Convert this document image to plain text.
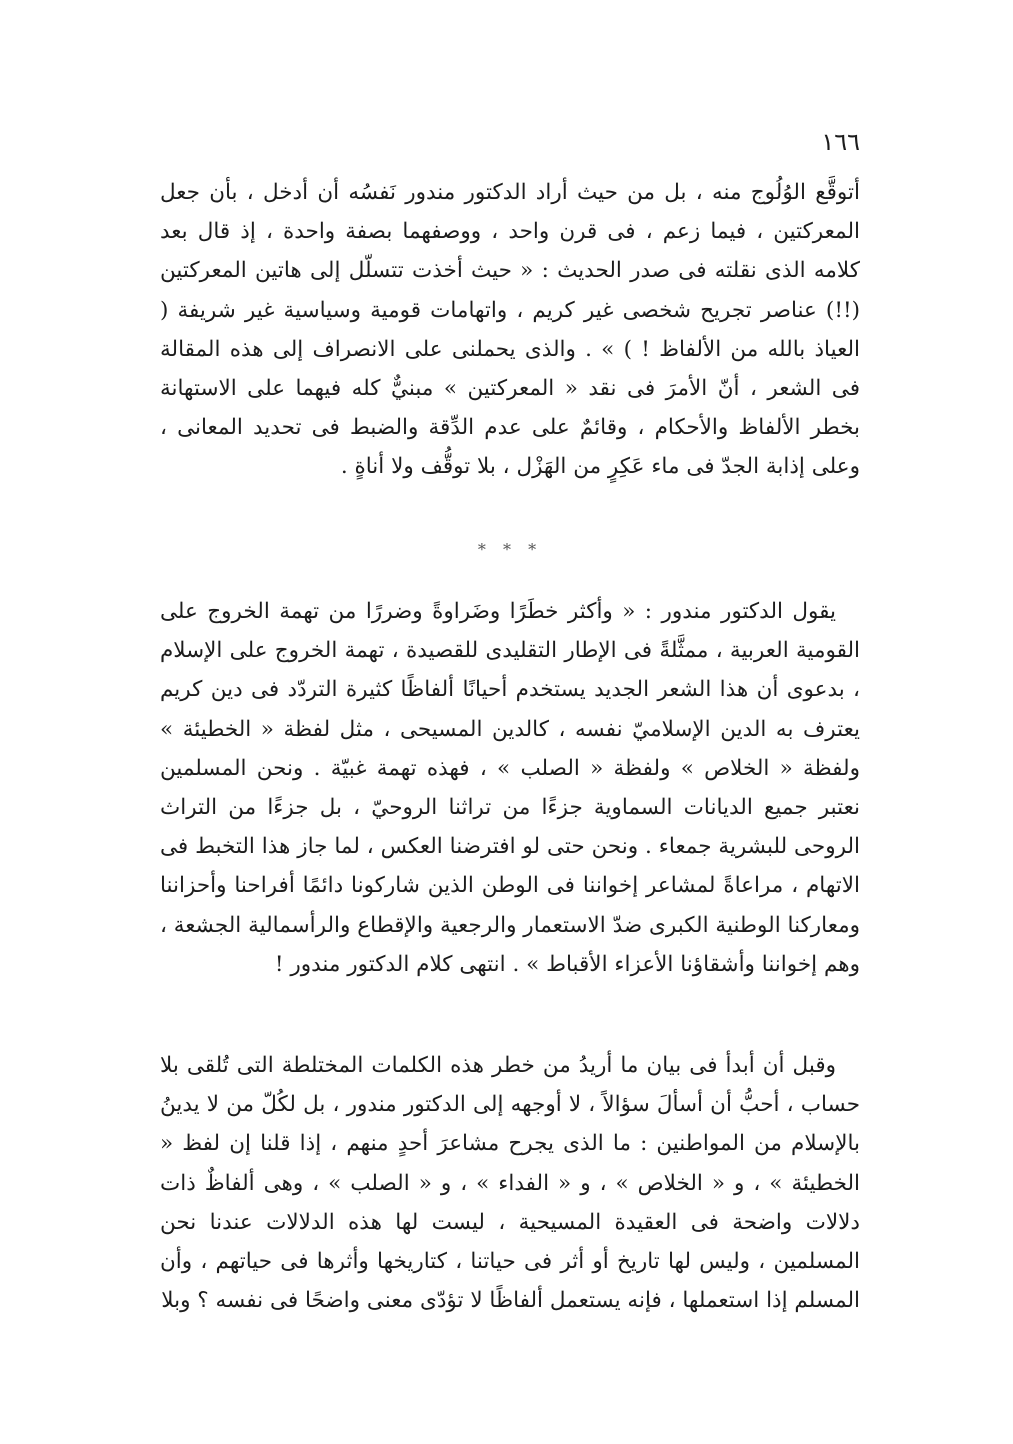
١٦٦

أتوقَّع الوُلُوج منه ، بل من حيث أراد الدكتور مندور نَفسُه أن أدخل ، بأن جعل المعركتين ، فيما زعم ، فى قرن واحد ، ووصفهما بصفة واحدة ، إذ قال بعد كلامه الذى نقلته فى صدر الحديث : « حيث أخذت تتسلّل إلى هاتين المعركتين (!!) عناصر تجريح شخصى غير كريم ، واتهامات قومية وسياسية غير شريفة ( العياذ بالله من الألفاظ ! ) » . والذى يحملنى على الانصراف إلى هذه المقالة فى الشعر ، أنّ الأمرَ فى نقد « المعركتين » مبنيٌّ كله فيهما على الاستهانة بخطر الألفاظ والأحكام ، وقائمٌ على عدم الدِّقة والضبط فى تحديد المعانى ، وعلى إذابة الجدّ فى ماء عَكِرٍ من الهَزْل ، بلا توقُّف ولا أناةٍ .

* * *

يقول الدكتور مندور : « وأكثر خطَرًا وضَراوةً وضررًا من تهمة الخروج على القومية العربية ، ممثَّلةً فى الإطار التقليدى للقصيدة ، تهمة الخروج على الإسلام ، بدعوى أن هذا الشعر الجديد يستخدم أحيانًا ألفاظًا كثيرة التردّد فى دين كريم يعترف به الدين الإسلاميّ نفسه ، كالدين المسيحى ، مثل لفظة « الخطيئة » ولفظة « الخلاص » ولفظة « الصلب » ، فهذه تهمة غبيّة . ونحن المسلمين نعتبر جميع الديانات السماوية جزءًا من تراثنا الروحيّ ، بل جزءًا من التراث الروحى للبشرية جمعاء . ونحن حتى لو افترضنا العكس ، لما جاز هذا التخبط فى الاتهام ، مراعاةً لمشاعر إخواننا فى الوطن الذين شاركونا دائمًا أفراحنا وأحزاننا ومعاركنا الوطنية الكبرى ضدّ الاستعمار والرجعية والإقطاع والرأسمالية الجشعة ، وهم إخواننا وأشقاؤنا الأعزاء الأقباط » . انتهى كلام الدكتور مندور !

وقبل أن أبدأ فى بيان ما أريدُ من خطر هذه الكلمات المختلطة التى تُلقى بلا حساب ، أحبُّ أن أسألَ سؤالاً ، لا أوجهه إلى الدكتور مندور ، بل لكُلّ من لا يدينُ بالإسلام من المواطنين : ما الذى يجرح مشاعرَ أحدٍ منهم ، إذا قلنا إن لفظ « الخطيئة » ، و « الخلاص » ، و « الفداء » ، و « الصلب » ، وهى ألفاظٌ ذات دلالات واضحة فى العقيدة المسيحية ، ليست لها هذه الدلالات عندنا نحن المسلمين ، وليس لها تاريخ أو أثر فى حياتنا ، كتاريخها وأثرها فى حياتهم ، وأن المسلم إذا استعملها ، فإنه يستعمل ألفاظًا لا تؤدّى معنى واضحًا فى نفسه ؟ وبلا
